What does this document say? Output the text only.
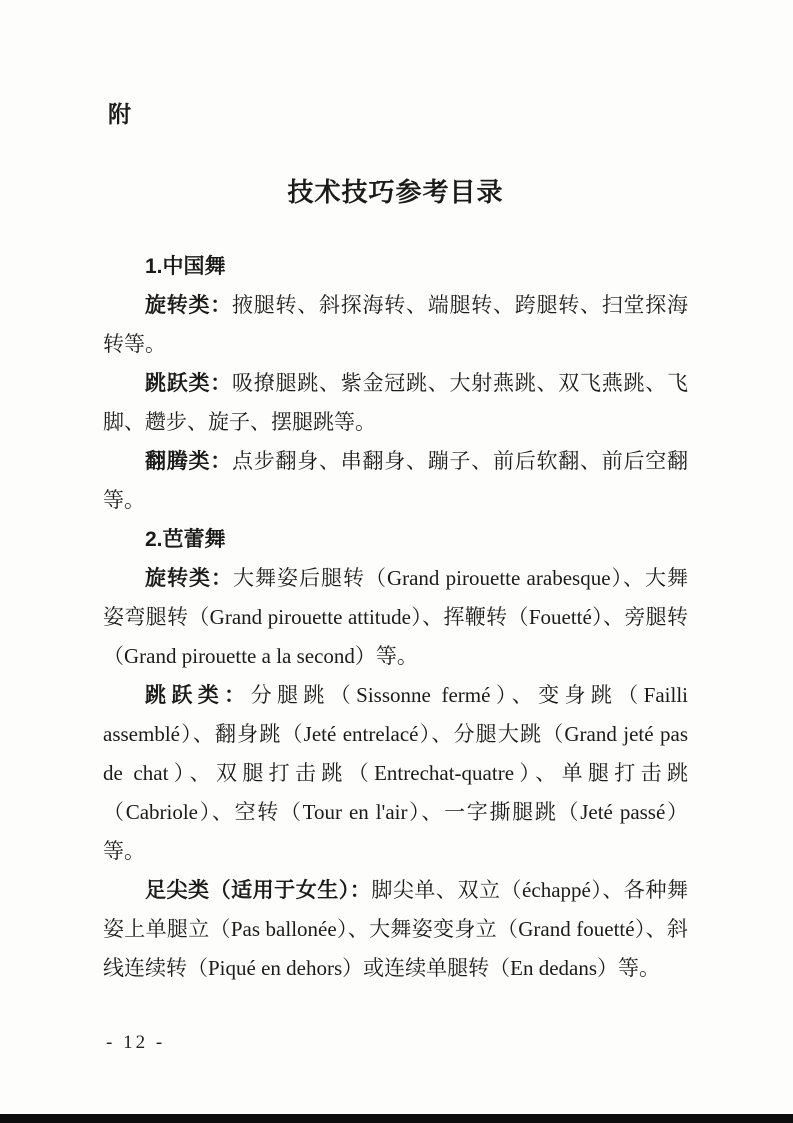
附
技术技巧参考目录
1.中国舞

旋转类：掖腿转、斜探海转、端腿转、跨腿转、扫堂探海转等。

跳跃类：吸撩腿跳、紫金冠跳、大射燕跳、双飞燕跳、飞脚、趱步、旋子、摆腿跳等。

翻腾类：点步翻身、串翻身、蹦子、前后软翻、前后空翻等。

2.芭蕾舞

旋转类：大舞姿后腿转（Grand pirouette arabesque）、大舞姿弯腿转（Grand pirouette attitude）、挥鞭转（Fouetté）、旁腿转（Grand pirouette a la second）等。

跳跃类：分腿跳（Sissonne fermé）、变身跳（Failli assemblé）、翻身跳（Jeté entrelacé）、分腿大跳（Grand jeté pas de chat）、双腿打击跳（Entrechat-quatre）、单腿打击跳（Cabriole）、空转（Tour en l'air）、一字撕腿跳（Jeté passé）等。

足尖类（适用于女生）：脚尖单、双立（échappé）、各种舞姿上单腿立（Pas ballonée）、大舞姿变身立（Grand fouetté）、斜线连续转（Piqué en dehors）或连续单腿转（En dedans）等。

- 12 -
